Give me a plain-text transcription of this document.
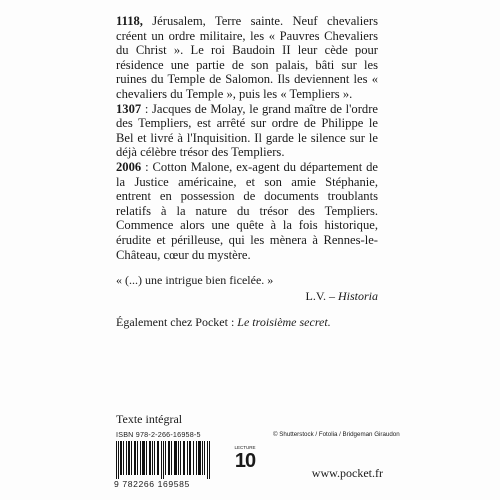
1118, Jérusalem, Terre sainte. Neuf chevaliers créent un ordre militaire, les « Pauvres Chevaliers du Christ ». Le roi Baudoin II leur cède pour résidence une partie de son palais, bâti sur les ruines du Temple de Salomon. Ils deviennent les « chevaliers du Temple », puis les « Templiers ».

1307 : Jacques de Molay, le grand maître de l'ordre des Templiers, est arrêté sur ordre de Philippe le Bel et livré à l'Inquisition. Il garde le silence sur le déjà célèbre trésor des Templiers.

2006 : Cotton Malone, ex-agent du département de la Justice américaine, et son amie Stéphanie, entrent en possession de documents troublants relatifs à la nature du trésor des Templiers. Commence alors une quête à la fois historique, érudite et périlleuse, qui les mènera à Rennes-le-Château, cœur du mystère.

« (...) une intrigue bien ficelée. »
L.V. – Historia
Également chez Pocket : Le troisième secret.
Texte intégral
ISBN 978-2-266-16958-5	© Shutterstock / Fotolia / Bridgeman Giraudon
9 782266 169585
LECTURE
10
www.pocket.fr
